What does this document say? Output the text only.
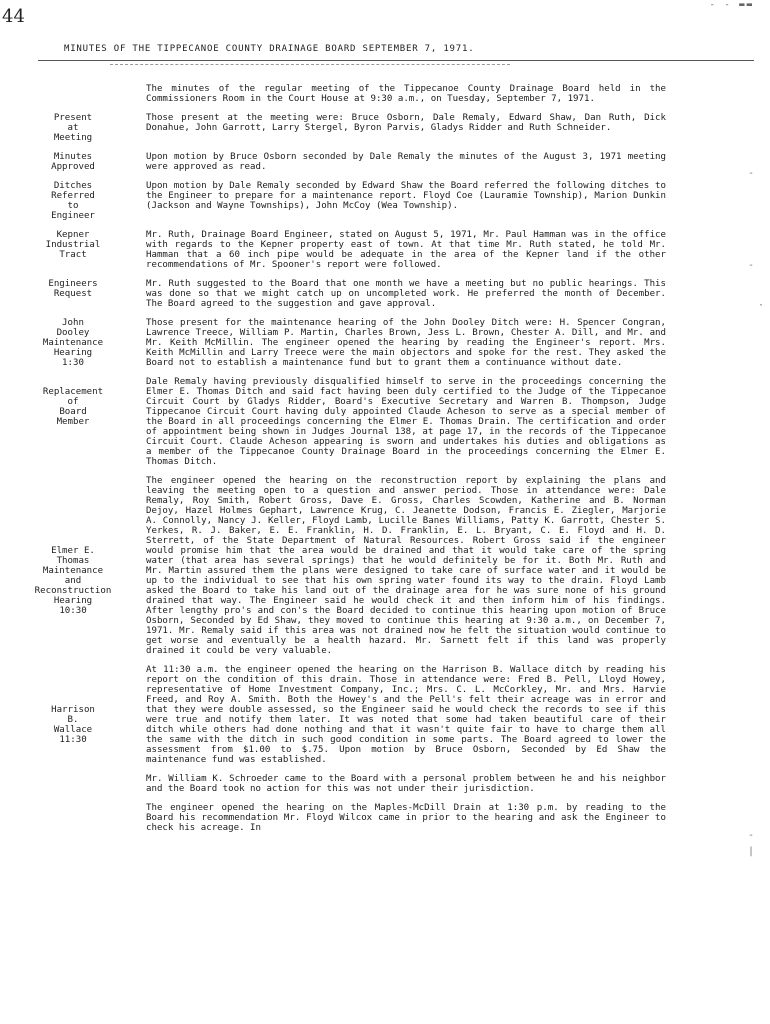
44
- - ▬▬
MINUTES OF THE TIPPECANOE COUNTY DRAINAGE BOARD SEPTEMBER 7, 1971.
The minutes of the regular meeting of the Tippecanoe County Drainage Board held in the Commissioners Room in the Court House at 9:30 a.m., on Tuesday, September 7, 1971.
Present
at
Meeting
Those present at the meeting were: Bruce Osborn, Dale Remaly, Edward Shaw, Dan Ruth, Dick Donahue, John Garrott, Larry Stergel, Byron Parvis, Gladys Ridder and Ruth Schneider.
Minutes
Approved
Upon motion by Bruce Osborn seconded by Dale Remaly the minutes of the August 3, 1971 meeting were approved as read.
Ditches
Referred
to
Engineer
Upon motion by Dale Remaly seconded by Edward Shaw the Board referred the following ditches to the Engineer to prepare for a maintenance report. Floyd Coe (Lauramie Township), Marion Dunkin (Jackson and Wayne Townships), John McCoy (Wea Township).
Kepner
Industrial
Tract
Mr. Ruth, Drainage Board Engineer, stated on August 5, 1971, Mr. Paul Hamman was in the office with regards to the Kepner property east of town. At that time Mr. Ruth stated, he told Mr. Hamman that a 60 inch pipe would be adequate in the area of the Kepner land if the other recommendations of Mr. Spooner's report were followed.
Engineers
Request
Mr. Ruth suggested to the Board that one month we have a meeting but no public hearings. This was done so that we might catch up on uncompleted work. He preferred the month of December. The Board agreed to the suggestion and gave approval.
John
Dooley
Maintenance
Hearing
1:30
Those present for the maintenance hearing of the John Dooley Ditch were: H. Spencer Congran, Lawrence Treece, William P. Martin, Charles Brown, Jess L. Brown, Chester A. Dill, and Mr. and Mr. Keith McMillin. The engineer opened the hearing by reading the Engineer's report. Mrs. Keith McMillin and Larry Treece were the main objectors and spoke for the rest. They asked the Board not to establish a maintenance fund but to grant them a continuance without date.

Replacement
of
Board
Member
Dale Remaly having previously disqualified himself to serve in the proceedings concerning the Elmer E. Thomas Ditch and said fact having been duly certified to the Judge of the Tippecanoe Circuit Court by Gladys Ridder, Board's Executive Secretary and Warren B. Thompson, Judge Tippecanoe Circuit Court having duly appointed Claude Acheson to serve as a special member of the Board in all proceedings concerning the Elmer E. Thomas Drain. The certification and order of appointment being shown in Judges Journal 138, at page 17, in the records of the Tippecanoe Circuit Court. Claude Acheson appearing is sworn and undertakes his duties and obligations as a member of the Tippecanoe County Drainage Board in the proceedings concerning the Elmer E. Thomas Ditch.

Elmer E.
Thomas
Maintenance
and
Reconstruction
Hearing
10:30
The engineer opened the hearing on the reconstruction report by explaining the plans and leaving the meeting open to a question and answer period. Those in attendance were: Dale Remaly, Roy Smith, Robert Gross, Dave E. Gross, Charles Scowden, Katherine and B. Norman Dejoy, Hazel Holmes Gephart, Lawrence Krug, C. Jeanette Dodson, Francis E. Ziegler, Marjorie A. Connolly, Nancy J. Keller, Floyd Lamb, Lucille Banes Williams, Patty K. Garrott, Chester S. Yerkes, R. J. Baker, E. E. Franklin, H. D. Franklin, E. L. Bryant, C. E. Floyd and H. D. Sterrett, of the State Department of Natural Resources. Robert Gross said if the engineer would promise him that the area would be drained and that it would take care of the spring water (that area has several springs) that he would definitely be for it. Both Mr. Ruth and Mr. Martin assured them the plans were designed to take care of surface water and it would be up to the individual to see that his own spring water found its way to the drain. Floyd Lamb asked the Board to take his land out of the drainage area for he was sure none of his ground drained that way. The Engineer said he would check it and then inform him of his findings. After lengthy pro's and con's the Board decided to continue this hearing upon motion of Bruce Osborn, Seconded by Ed Shaw, they moved to continue this hearing at 9:30 a.m., on December 7, 1971. Mr. Remaly said if this area was not drained now he felt the situation would continue to get worse and eventually be a health hazard. Mr. Sarnett felt if this land was properly drained it could be very valuable.

Harrison
B.
Wallace
11:30
At 11:30 a.m. the engineer opened the hearing on the Harrison B. Wallace ditch by reading his report on the condition of this drain. Those in attendance were: Fred B. Pell, Lloyd Howey, representative of Home Investment Company, Inc.; Mrs. C. L. McCorkley, Mr. and Mrs. Harvie Freed, and Roy A. Smith. Both the Howey's and the Pell's felt their acreage was in error and that they were double assessed, so the Engineer said he would check the records to see if this were true and notify them later. It was noted that some had taken beautiful care of their ditch while others had done nothing and that it wasn't quite fair to have to charge them all the same with the ditch in such good condition in some parts. The Board agreed to lower the assessment from $1.00 to $.75. Upon motion by Bruce Osborn, Seconded by Ed Shaw the maintenance fund was established.
Mr. William K. Schroeder came to the Board with a personal problem between he and his neighbor and the Board took no action for this was not under their jurisdiction.
The engineer opened the hearing on the Maples-McDill Drain at 1:30 p.m. by reading to the Board his recommendation Mr. Floyd Wilcox came in prior to the hearing and ask the Engineer to check his acreage. In
-
-
·
-
|
